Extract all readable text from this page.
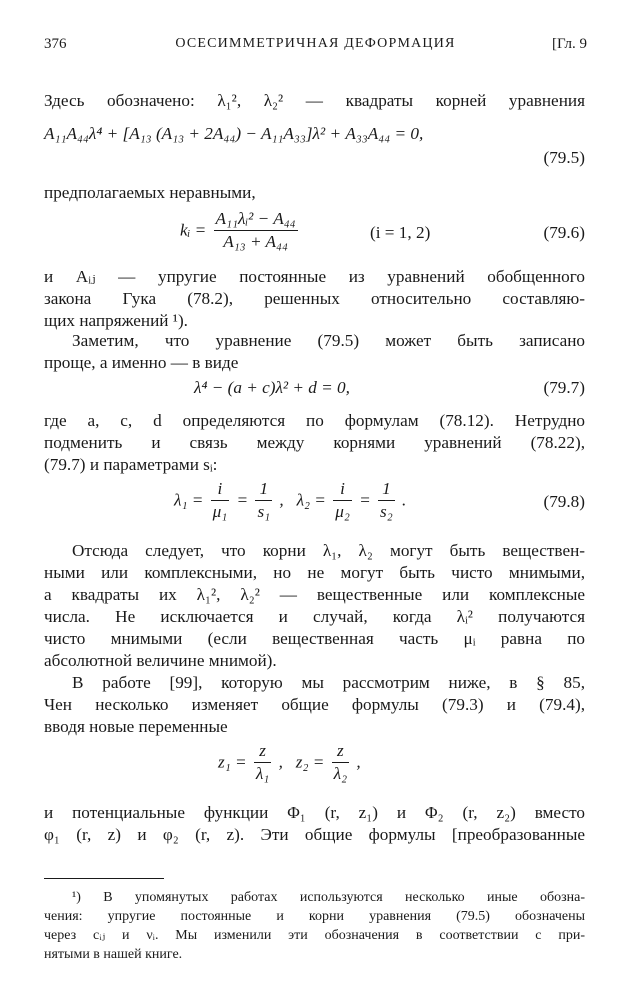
376	ОСЕСИММЕТРИЧНАЯ ДЕФОРМАЦИЯ	[Гл. 9
Здесь обозначено: λ₁², λ₂² — квадраты корней уравнения
A₁₁A₄₄λ⁴ + [A₁₃ (A₁₃ + 2A₄₄) − A₁₁A₃₃]λ² + A₃₃A₄₄ = 0,
(79.5)
предполагаемых неравными,
kᵢ = $\frac{\text{A₁₁λᵢ² − A₄₄}}{\text{A₁₃ + A₄₄}}$	(i = 1, 2)	(79.6)
и Aᵢⱼ — упругие постоянные из уравнений обобщенного
закона Гука (78.2), решенных относительно составляю-
щих напряжений ¹).
Заметим, что уравнение (79.5) может быть записано
проще, а именно — в виде
λ⁴ − (a + c)λ² + d = 0,	(79.7)
где a, c, d определяются по формулам (78.12). Нетрудно
подменить и связь между корнями уравнений (78.22),
(79.7) и параметрами sᵢ:
$\lambda_1 = \frac{i}{\text{μ₁}} = \frac{1}{\text{s₁}}$ ,   $\lambda_2 = \frac{i}{\text{μ₂}} = \frac{1}{\text{s₂}}$ .	(79.8)
Отсюда следует, что корни λ₁, λ₂ могут быть веществен-
ными или комплексными, но не могут быть чисто мнимыми,
а квадраты их λ₁², λ₂² — вещественные или комплексные
числа. Не исключается и случай, когда λᵢ² получаются
чисто мнимыми (если вещественная часть μᵢ равна по
абсолютной величине мнимой).
В работе [99], которую мы рассмотрим ниже, в § 85,
Чен несколько изменяет общие формулы (79.3) и (79.4),
вводя новые переменные
$z_1 = \frac{z}{\text{λ₁}}$ ,   $z_2 = \frac{z}{\text{λ₂}}$ ,
и потенциальные функции Φ₁ (r, z₁) и Φ₂ (r, z₂) вместо
φ₁ (r, z) и φ₂ (r, z). Эти общие формулы [преобразованные
¹) В упомянутых работах используются несколько иные обозна-
чения: упругие постоянные и корни уравнения (79.5) обозначены
через cᵢⱼ и νᵢ. Мы изменили эти обозначения в соответствии с при-
нятыми в нашей книге.
